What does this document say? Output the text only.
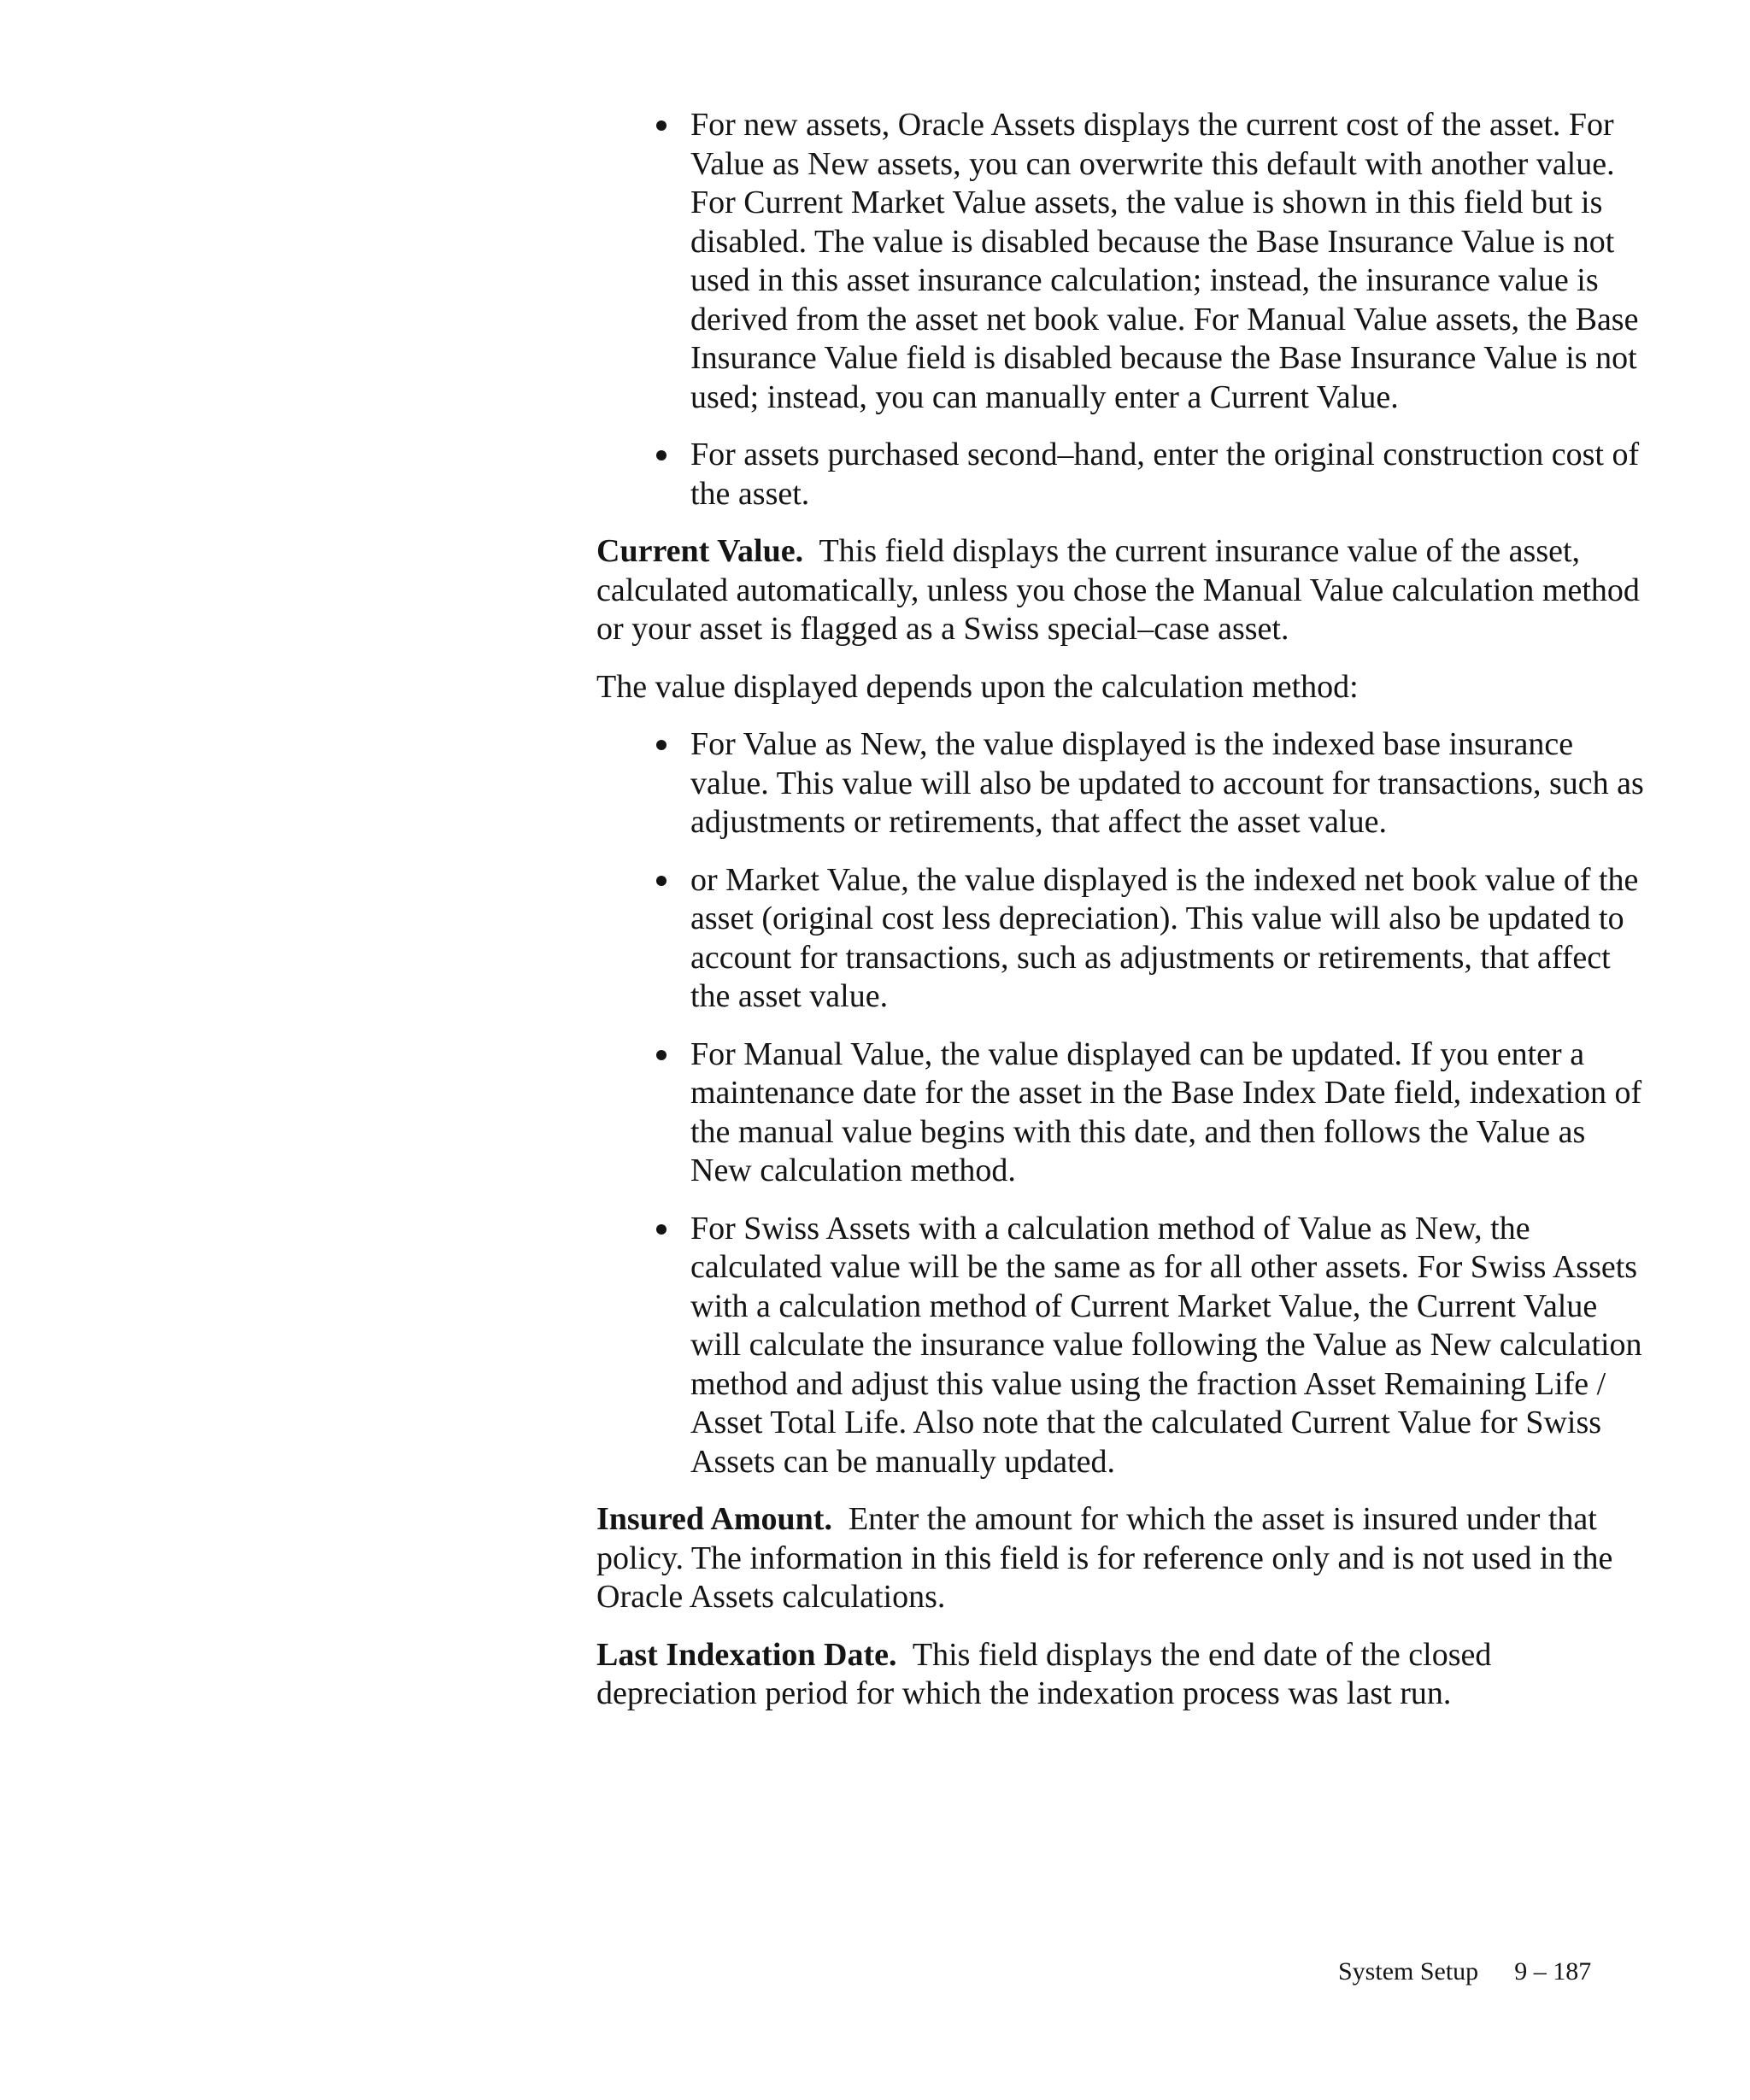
For new assets, Oracle Assets displays the current cost of the asset. For Value as New assets, you can overwrite this default with another value. For Current Market Value assets, the value is shown in this field but is disabled. The value is disabled because the Base Insurance Value is not used in this asset insurance calculation; instead, the insurance value is derived from the asset net book value. For Manual Value assets, the Base Insurance Value field is disabled because the Base Insurance Value is not used; instead, you can manually enter a Current Value.
For assets purchased second–hand, enter the original construction cost of the asset.

Current Value. This field displays the current insurance value of the asset, calculated automatically, unless you chose the Manual Value calculation method or your asset is flagged as a Swiss special–case asset.

The value displayed depends upon the calculation method:

For Value as New, the value displayed is the indexed base insurance value. This value will also be updated to account for transactions, such as adjustments or retirements, that affect the asset value.
or Market Value, the value displayed is the indexed net book value of the asset (original cost less depreciation). This value will also be updated to account for transactions, such as adjustments or retirements, that affect the asset value.
For Manual Value, the value displayed can be updated. If you enter a maintenance date for the asset in the Base Index Date field, indexation of the manual value begins with this date, and then follows the Value as New calculation method.
For Swiss Assets with a calculation method of Value as New, the calculated value will be the same as for all other assets. For Swiss Assets with a calculation method of Current Market Value, the Current Value will calculate the insurance value following the Value as New calculation method and adjust this value using the fraction Asset Remaining Life / Asset Total Life. Also note that the calculated Current Value for Swiss Assets can be manually updated.

Insured Amount. Enter the amount for which the asset is insured under that policy. The information in this field is for reference only and is not used in the Oracle Assets calculations.

Last Indexation Date. This field displays the end date of the closed depreciation period for which the indexation process was last run.

System Setup 9 – 187
